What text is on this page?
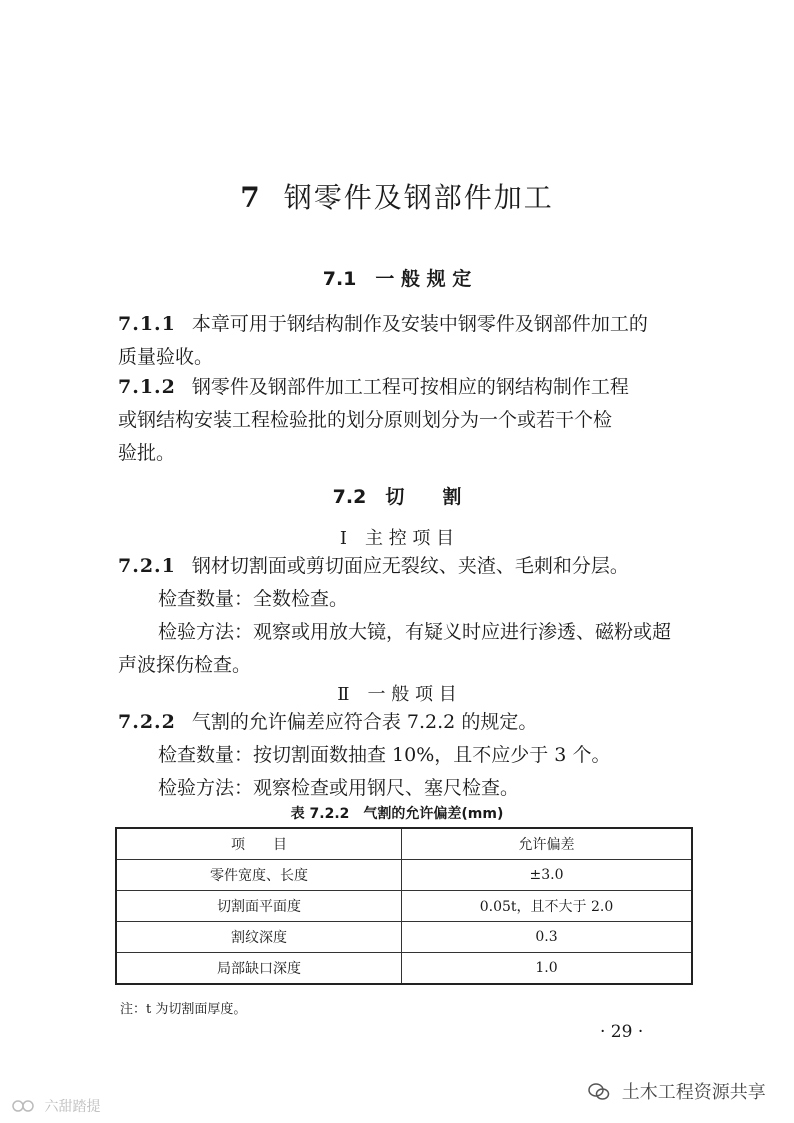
7 钢零件及钢部件加工
7.1　一 般 规 定
7.1.1 本章可用于钢结构制作及安装中钢零件及钢部件加工的
质量验收。
7.1.2 钢零件及钢部件加工工程可按相应的钢结构制作工程
或钢结构安装工程检验批的划分原则划分为一个或若干个检
验批。
7.2　切　　割
Ⅰ　主 控 项 目
7.2.1 钢材切割面或剪切面应无裂纹、夹渣、毛刺和分层。
检查数量：全数检查。
检验方法：观察或用放大镜，有疑义时应进行渗透、磁粉或超
声波探伤检查。
Ⅱ　一 般 项 目
7.2.2 气割的允许偏差应符合表 7.2.2 的规定。
检查数量：按切割面数抽查 10%，且不应少于 3 个。
检验方法：观察检查或用钢尺、塞尺检查。
表 7.2.2　气割的允许偏差(mm)
项　　目	允许偏差
零件宽度、长度	±3.0
切割面平面度	0.05t，且不大于 2.0
割纹深度	0.3
局部缺口深度	1.0
注：t 为切割面厚度。
· 29 ·
土木工程资源共享
六甜踏提
